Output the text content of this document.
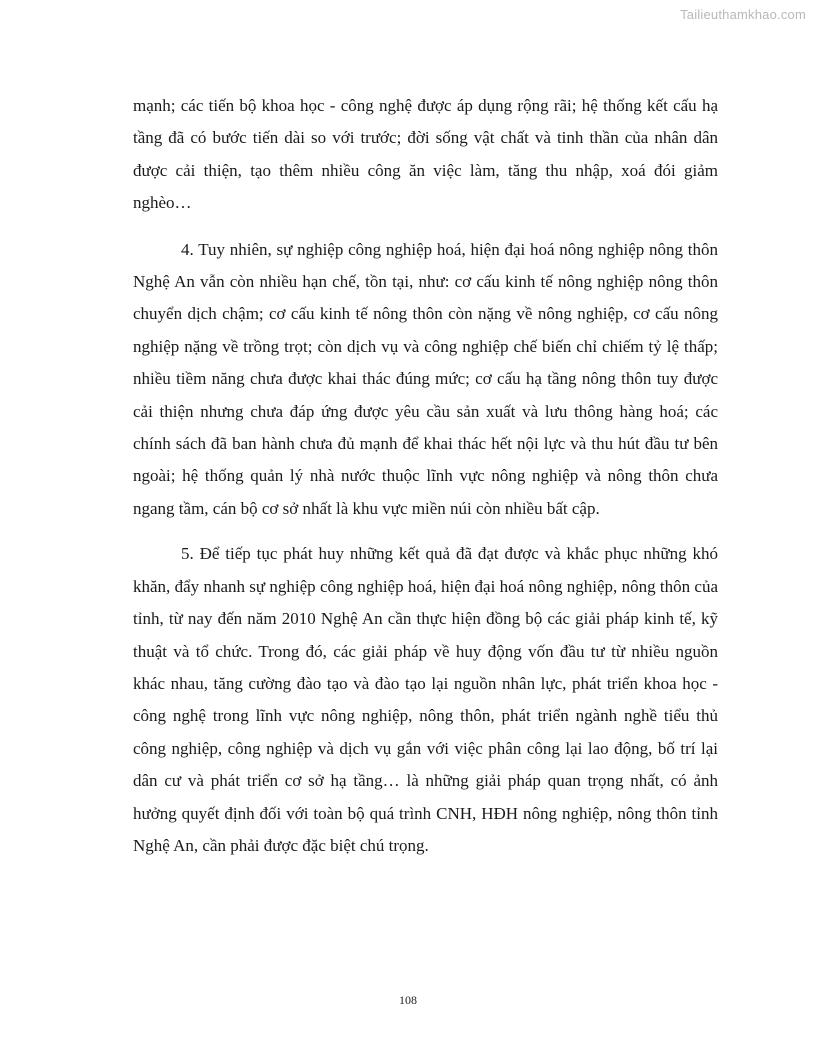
Tailieuthamkhao.com

mạnh; các tiến bộ khoa học - công nghệ được áp dụng rộng rãi; hệ thống kết cấu hạ tầng đã có bước tiến dài so với trước; đời sống vật chất và tinh thần của nhân dân được cải thiện, tạo thêm nhiều công ăn việc làm, tăng thu nhập, xoá đói giảm nghèo…

4. Tuy nhiên, sự nghiệp công nghiệp hoá, hiện đại hoá nông nghiệp nông thôn Nghệ An vẫn còn nhiều hạn chế, tồn tại, như: cơ cấu kinh tế nông nghiệp nông thôn chuyển dịch chậm; cơ cấu kinh tế nông thôn còn nặng về nông nghiệp, cơ cấu nông nghiệp nặng về trồng trọt; còn dịch vụ và công nghiệp chế biến chỉ chiếm tỷ lệ thấp; nhiều tiềm năng chưa được khai thác đúng mức; cơ cấu hạ tầng nông thôn tuy được cải thiện nhưng chưa đáp ứng được yêu cầu sản xuất và lưu thông hàng hoá; các chính sách đã ban hành chưa đủ mạnh để khai thác hết nội lực và thu hút đầu tư bên ngoài; hệ thống quản lý nhà nước thuộc lĩnh vực nông nghiệp và nông thôn chưa ngang tầm, cán bộ cơ sở nhất là khu vực miền núi còn nhiều bất cập.

5. Để tiếp tục phát huy những kết quả đã đạt được và khắc phục những khó khăn, đẩy nhanh sự nghiệp công nghiệp hoá, hiện đại hoá nông nghiệp, nông thôn của tỉnh, từ nay đến năm 2010 Nghệ An cần thực hiện đồng bộ các giải pháp kinh tế, kỹ thuật và tổ chức. Trong đó, các giải pháp về huy động vốn đầu tư từ nhiều nguồn khác nhau, tăng cường đào tạo và đào tạo lại nguồn nhân lực, phát triển khoa học - công nghệ trong lĩnh vực nông nghiệp, nông thôn, phát triển ngành nghề tiểu thủ công nghiệp, công nghiệp và dịch vụ gắn với việc phân công lại lao động, bố trí lại dân cư và phát triển cơ sở hạ tầng… là những giải pháp quan trọng nhất, có ảnh hưởng quyết định đối với toàn bộ quá trình CNH, HĐH nông nghiệp, nông thôn tỉnh Nghệ An, cần phải được đặc biệt chú trọng.

108
